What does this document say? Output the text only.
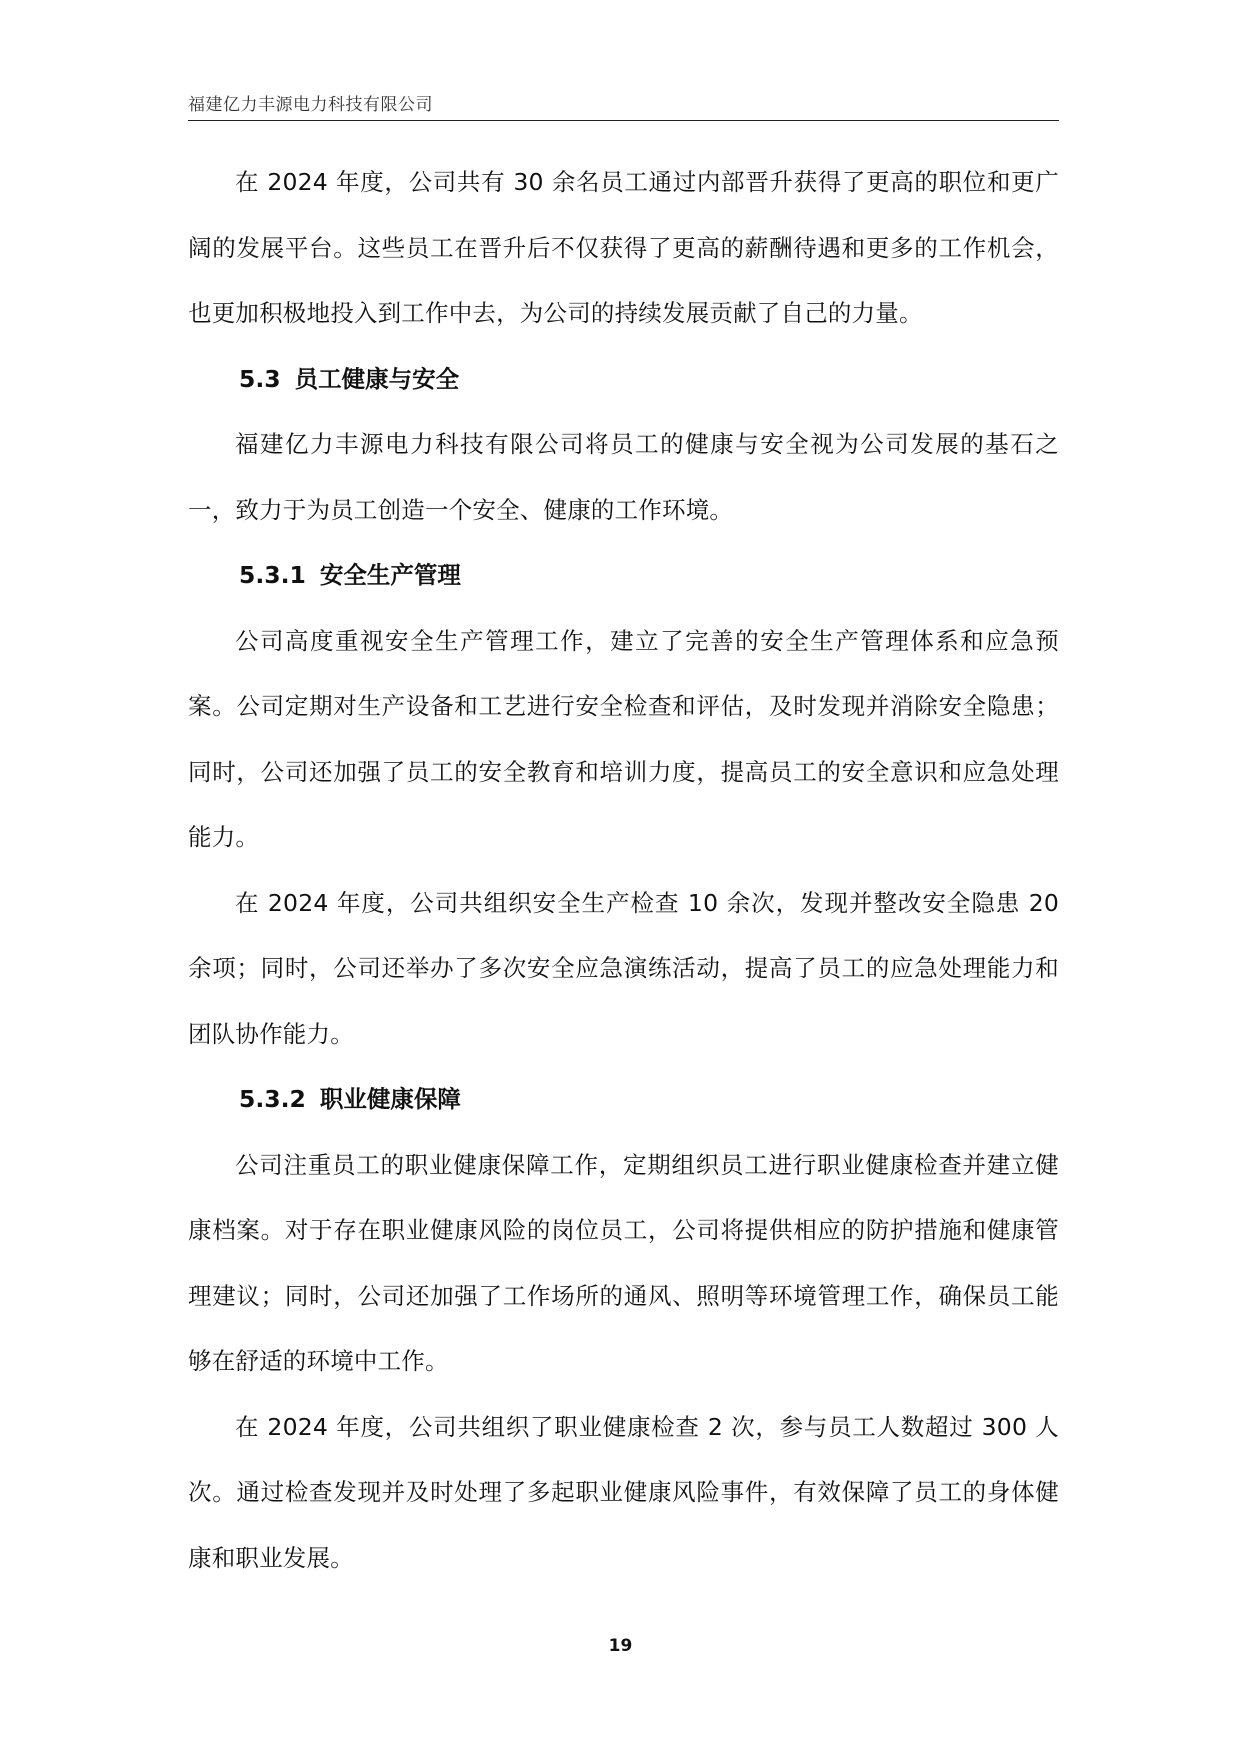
福建亿力丰源电力科技有限公司

在 2024 年度，公司共有 30 余名员工通过内部晋升获得了更高的职位和更广阔的发展平台。这些员工在晋升后不仅获得了更高的薪酬待遇和更多的工作机会，也更加积极地投入到工作中去，为公司的持续发展贡献了自己的力量。

5.3 员工健康与安全

福建亿力丰源电力科技有限公司将员工的健康与安全视为公司发展的基石之一，致力于为员工创造一个安全、健康的工作环境。

5.3.1 安全生产管理

公司高度重视安全生产管理工作，建立了完善的安全生产管理体系和应急预案。公司定期对生产设备和工艺进行安全检查和评估，及时发现并消除安全隐患；同时，公司还加强了员工的安全教育和培训力度，提高员工的安全意识和应急处理能力。

在 2024 年度，公司共组织安全生产检查 10 余次，发现并整改安全隐患 20 余项；同时，公司还举办了多次安全应急演练活动，提高了员工的应急处理能力和团队协作能力。

5.3.2 职业健康保障

公司注重员工的职业健康保障工作，定期组织员工进行职业健康检查并建立健康档案。对于存在职业健康风险的岗位员工，公司将提供相应的防护措施和健康管理建议；同时，公司还加强了工作场所的通风、照明等环境管理工作，确保员工能够在舒适的环境中工作。

在 2024 年度，公司共组织了职业健康检查 2 次，参与员工人数超过 300 人次。通过检查发现并及时处理了多起职业健康风险事件，有效保障了员工的身体健康和职业发展。

19
